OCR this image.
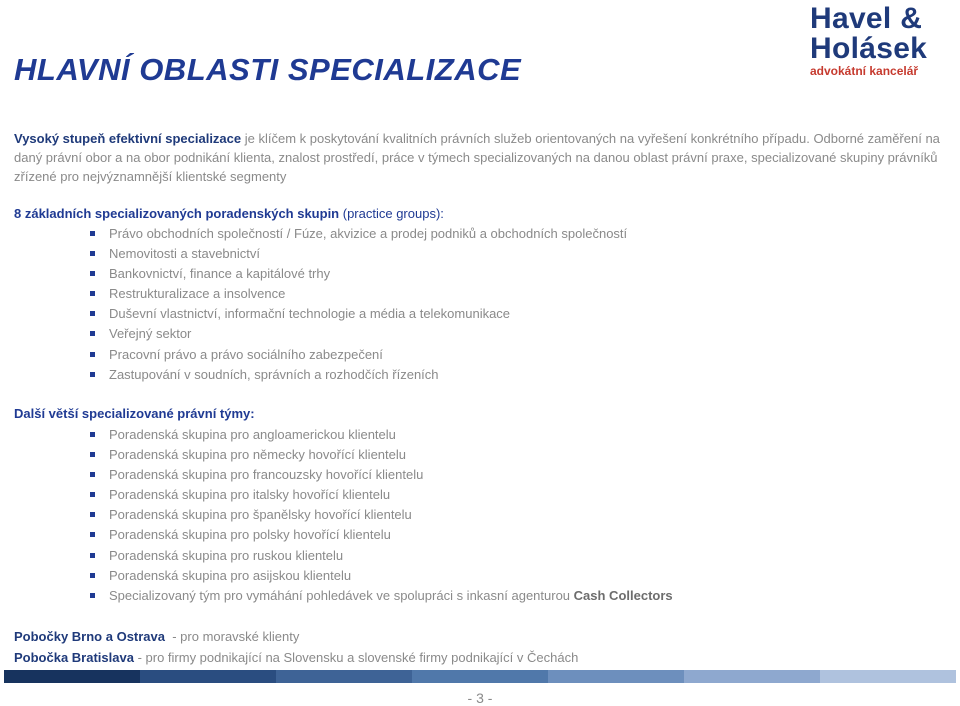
Havel &
Holásek
advokátní kancelář
HLAVNÍ OBLASTI SPECIALIZACE
Vysoký stupeň efektivní specializace je klíčem k poskytování kvalitních právních služeb orientovaných na vyřešení konkrétního případu. Odborné zaměření na daný právní obor a na obor podnikání klienta, znalost prostředí, práce v týmech specializovaných na danou oblast právní praxe, specializované skupiny právníků zřízené pro nejvýznamnější klientské segmenty
8 základních specializovaných poradenských skupin (practice groups):
Právo obchodních společností / Fúze, akvizice a prodej podniků a obchodních společností
Nemovitosti a stavebnictví
Bankovnictví, finance a kapitálové trhy
Restrukturalizace a insolvence
Duševní vlastnictví, informační technologie a média a telekomunikace
Veřejný sektor
Pracovní právo a právo sociálního zabezpečení
Zastupování v soudních, správních a rozhodčích řízeních
Další větší specializované právní týmy:
Poradenská skupina pro angloamerickou klientelu
Poradenská skupina pro německy hovořící klientelu
Poradenská skupina pro francouzsky hovořící klientelu
Poradenská skupina pro italsky hovořící klientelu
Poradenská skupina pro španělsky hovořící klientelu
Poradenská skupina pro polsky hovořící klientelu
Poradenská skupina pro ruskou klientelu
Poradenská skupina pro asijskou klientelu
Specializovaný tým pro vymáhání pohledávek ve spolupráci s inkasní agenturou Cash Collectors
Pobočky Brno a Ostrava  - pro moravské klienty
Pobočka Bratislava - pro firmy podnikající na Slovensku a slovenské firmy podnikající v Čechách
- 3 -
